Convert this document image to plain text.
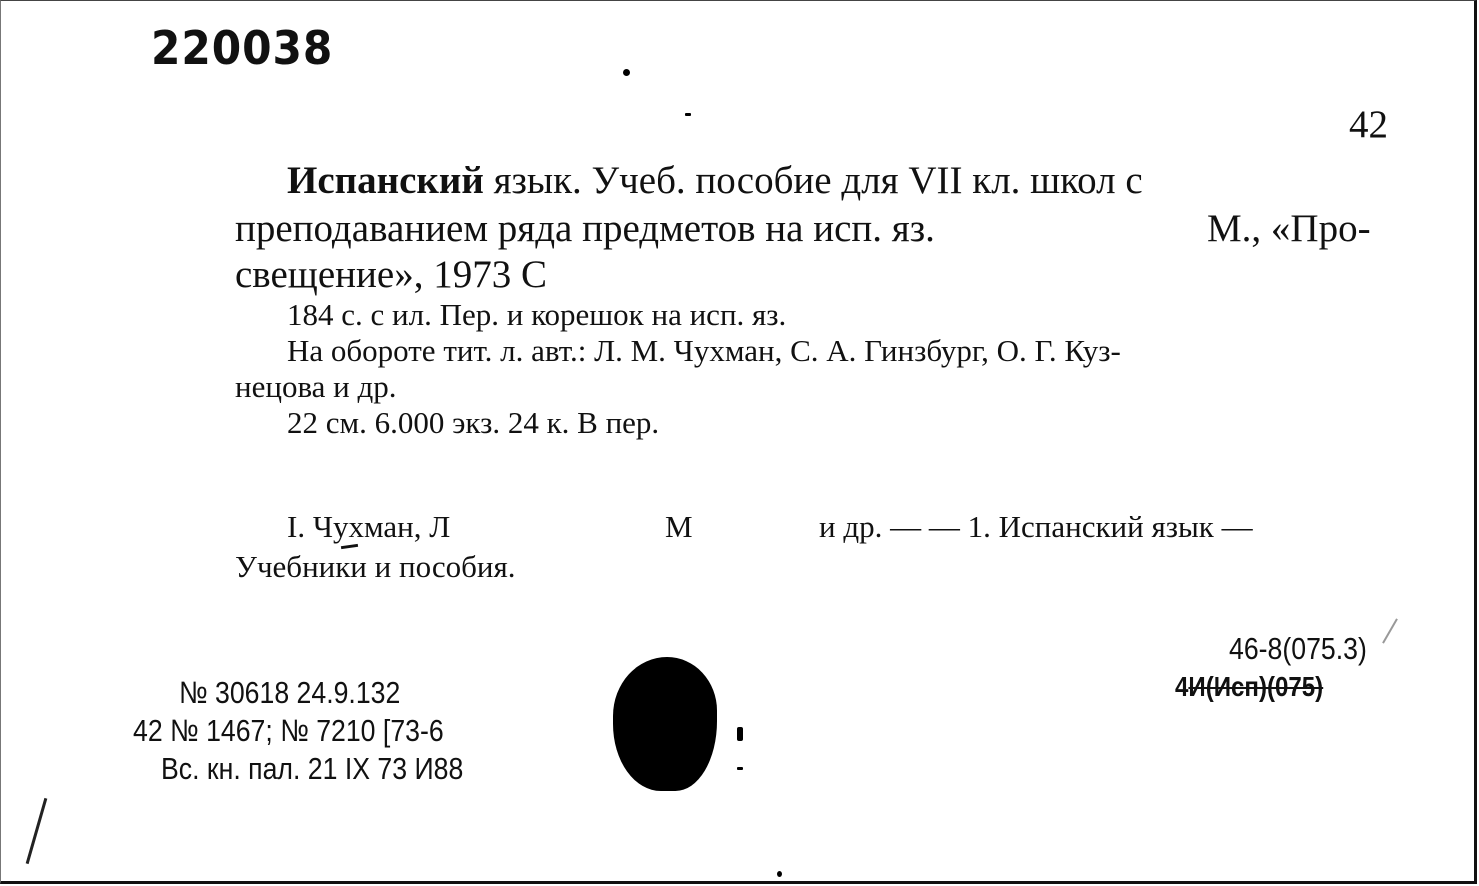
220038
42
Испанский язык. Учеб. пособие для VII кл. школ с
преподаванием ряда предметов на исп. яз.	М., «Про-
свещение», 1973 С
184 с. с ил. Пер. и корешок на исп. яз.
На обороте тит. л. авт.: Л. М. Чухман, С. А. Гинзбург, О. Г. Куз-
нецова и др.
22 см. 6.000 экз. 24 к. В пер.
I. Чухман, Л	М	и др. — — 1. Испанский язык —
Учебники и пособия.
46-8(075.3)
4И(Исп)(075)
№ 30618 24.9.132
42 № 1467; № 7210 [73-6
Вс. кн. пал. 21 IX 73 И88
